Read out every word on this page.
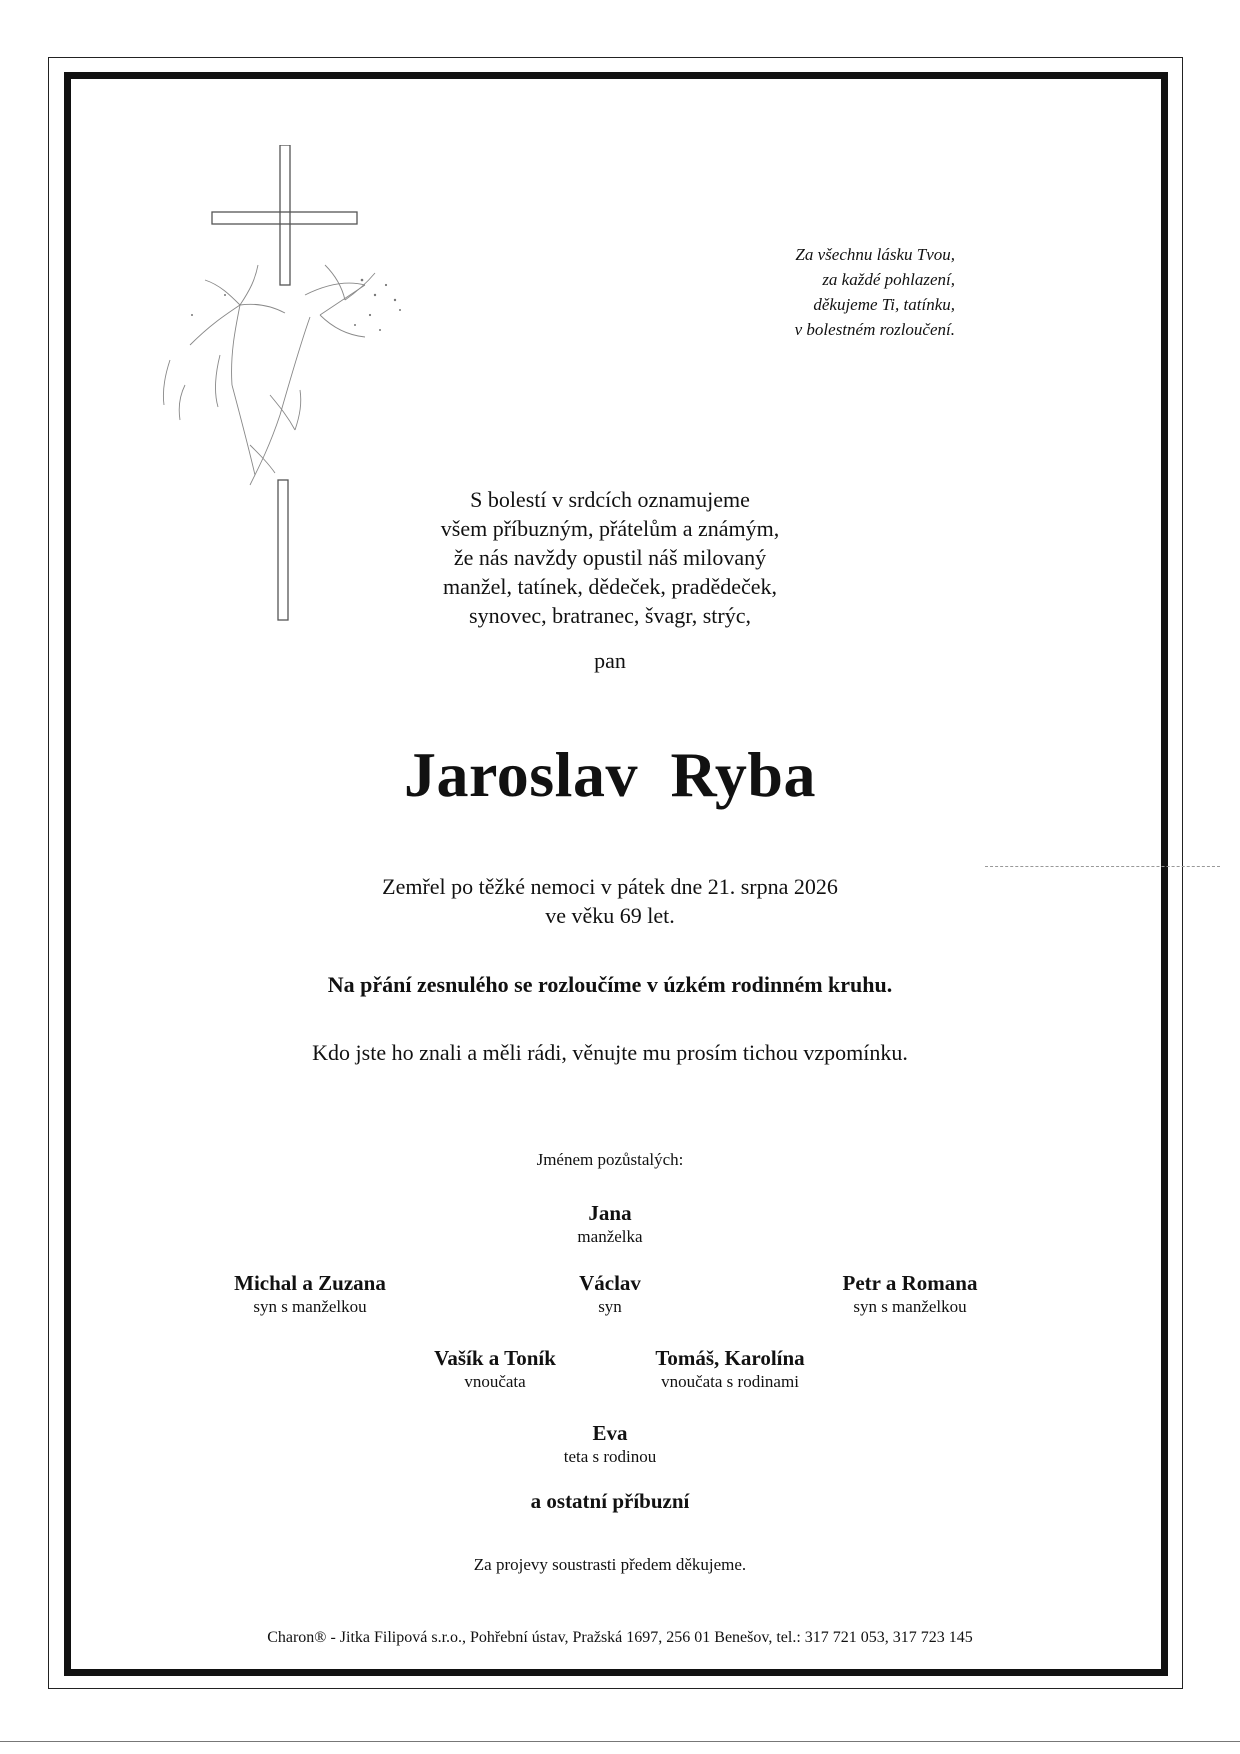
Za všechnu lásku Tvou,
za každé pohlazení,
děkujeme Ti, tatínku,
v bolestném rozloučení.
S bolestí v srdcích oznamujeme
všem příbuzným, přátelům a známým,
že nás navždy opustil náš milovaný
manžel, tatínek, dědeček, pradědeček,
synovec, bratranec, švagr, strýc,
pan
Jaroslav Ryba
Zemřel po těžké nemoci v pátek dne 21. srpna 2026
ve věku 69 let.
Na přání zesnulého se rozloučíme v úzkém rodinném kruhu.
Kdo jste ho znali a měli rádi, věnujte mu prosím tichou vzpomínku.
Jménem pozůstalých:
Jana
manželka
Michal a Zuzana
syn s manželkou
Václav
syn
Petr a Romana
syn s manželkou
Vašík a Toník
vnoučata
Tomáš, Karolína
vnoučata s rodinami
Eva
teta s rodinou
a ostatní příbuzní
Za projevy soustrasti předem děkujeme.
Charon® - Jitka Filipová s.r.o., Pohřební ústav, Pražská 1697, 256 01 Benešov, tel.: 317 721 053, 317 723 145
